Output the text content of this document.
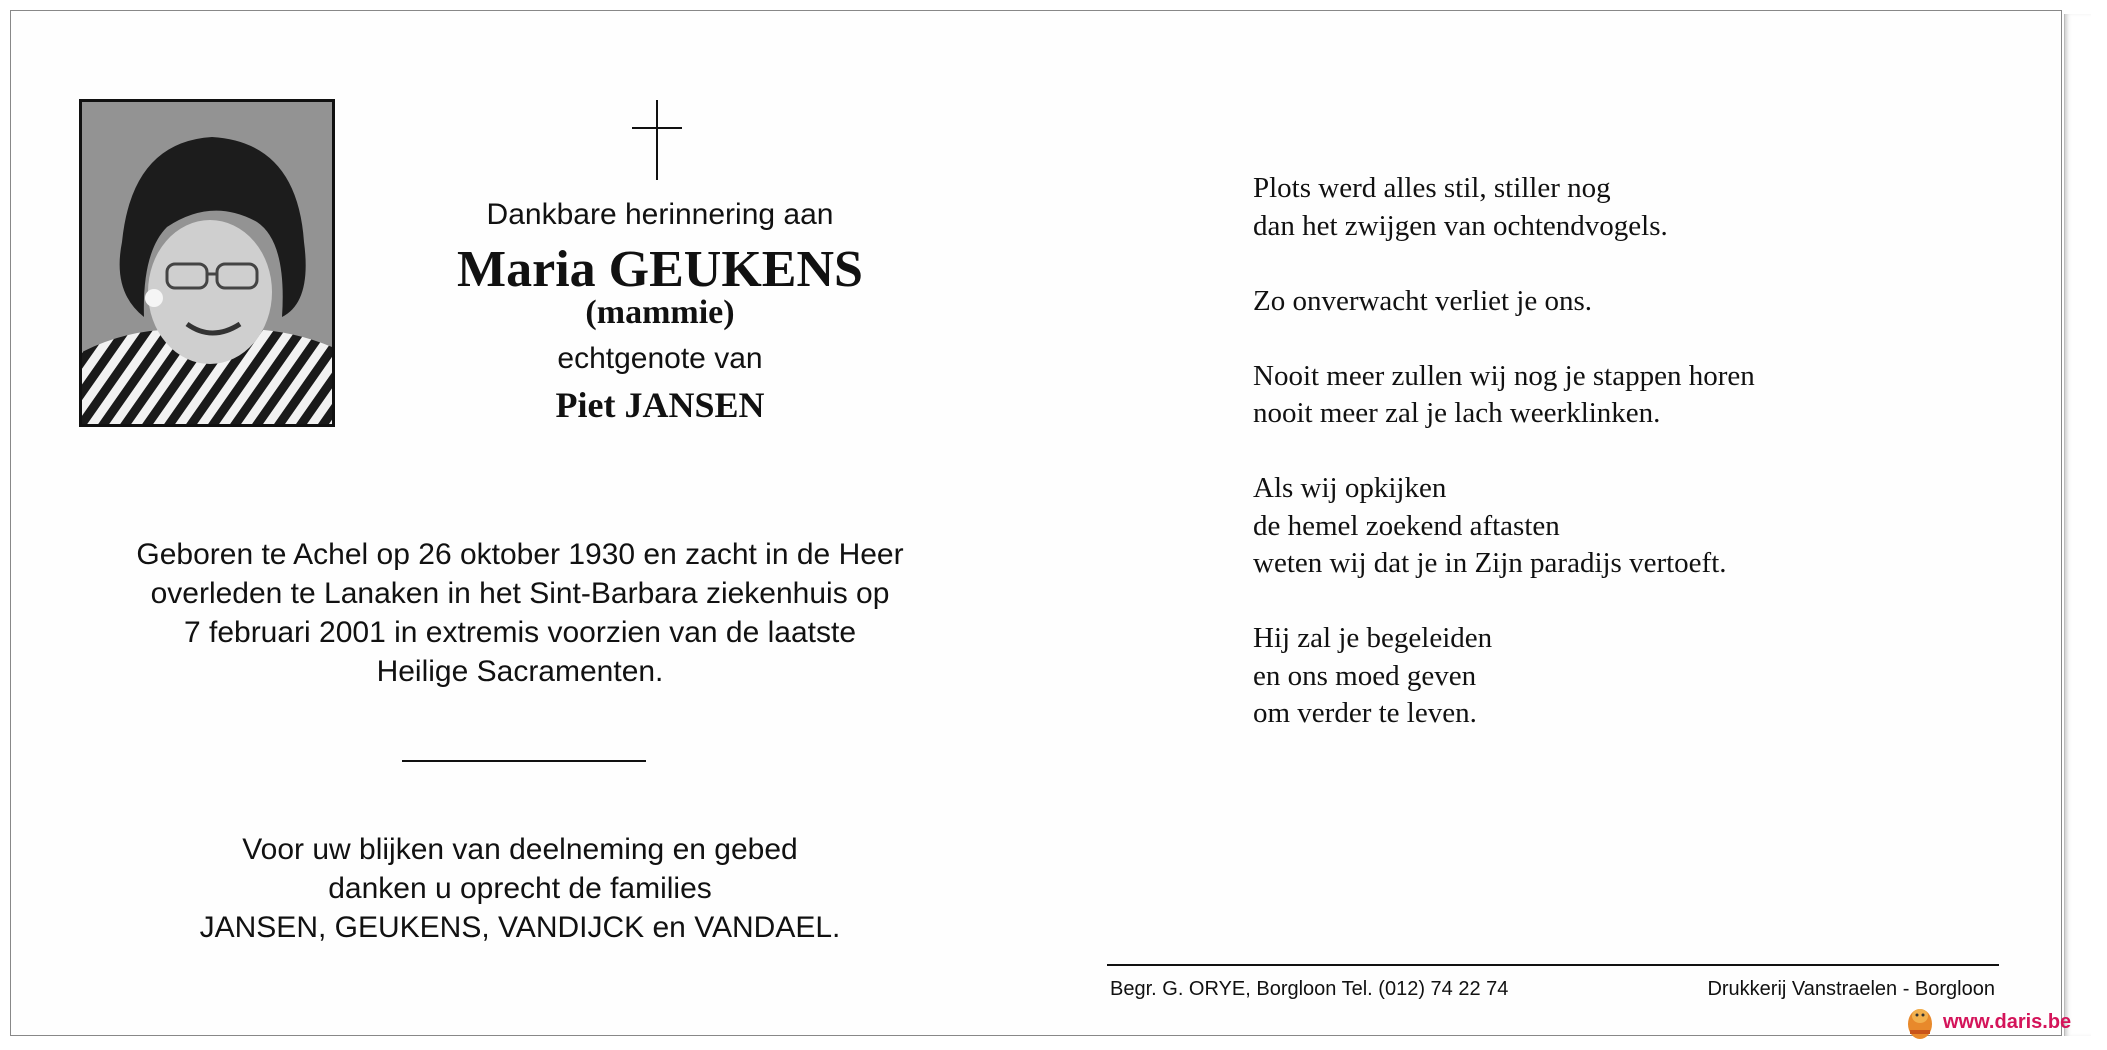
Dankbare herinnering aan
Maria GEUKENS
(mammie)
echtgenote van
Piet JANSEN
Geboren te Achel op 26 oktober 1930 en zacht in de Heer
overleden te Lanaken in het Sint-Barbara ziekenhuis op
7 februari 2001 in extremis voorzien van de laatste
Heilige Sacramenten.
Voor uw blijken van deelneming en gebed
danken u oprecht de families
JANSEN, GEUKENS, VANDIJCK en VANDAEL.
Plots werd alles stil, stiller nog
dan het zwijgen van ochtendvogels.
Zo onverwacht verliet je ons.
Nooit meer zullen wij nog je stappen horen
nooit meer zal je lach weerklinken.
Als wij opkijken
de hemel zoekend aftasten
weten wij dat je in Zijn paradijs vertoeft.
Hij zal je begeleiden
en ons moed geven
om verder te leven.
Begr. G. ORYE, Borgloon Tel. (012) 74 22 74	Drukkerij Vanstraelen - Borgloon
www.daris.be
